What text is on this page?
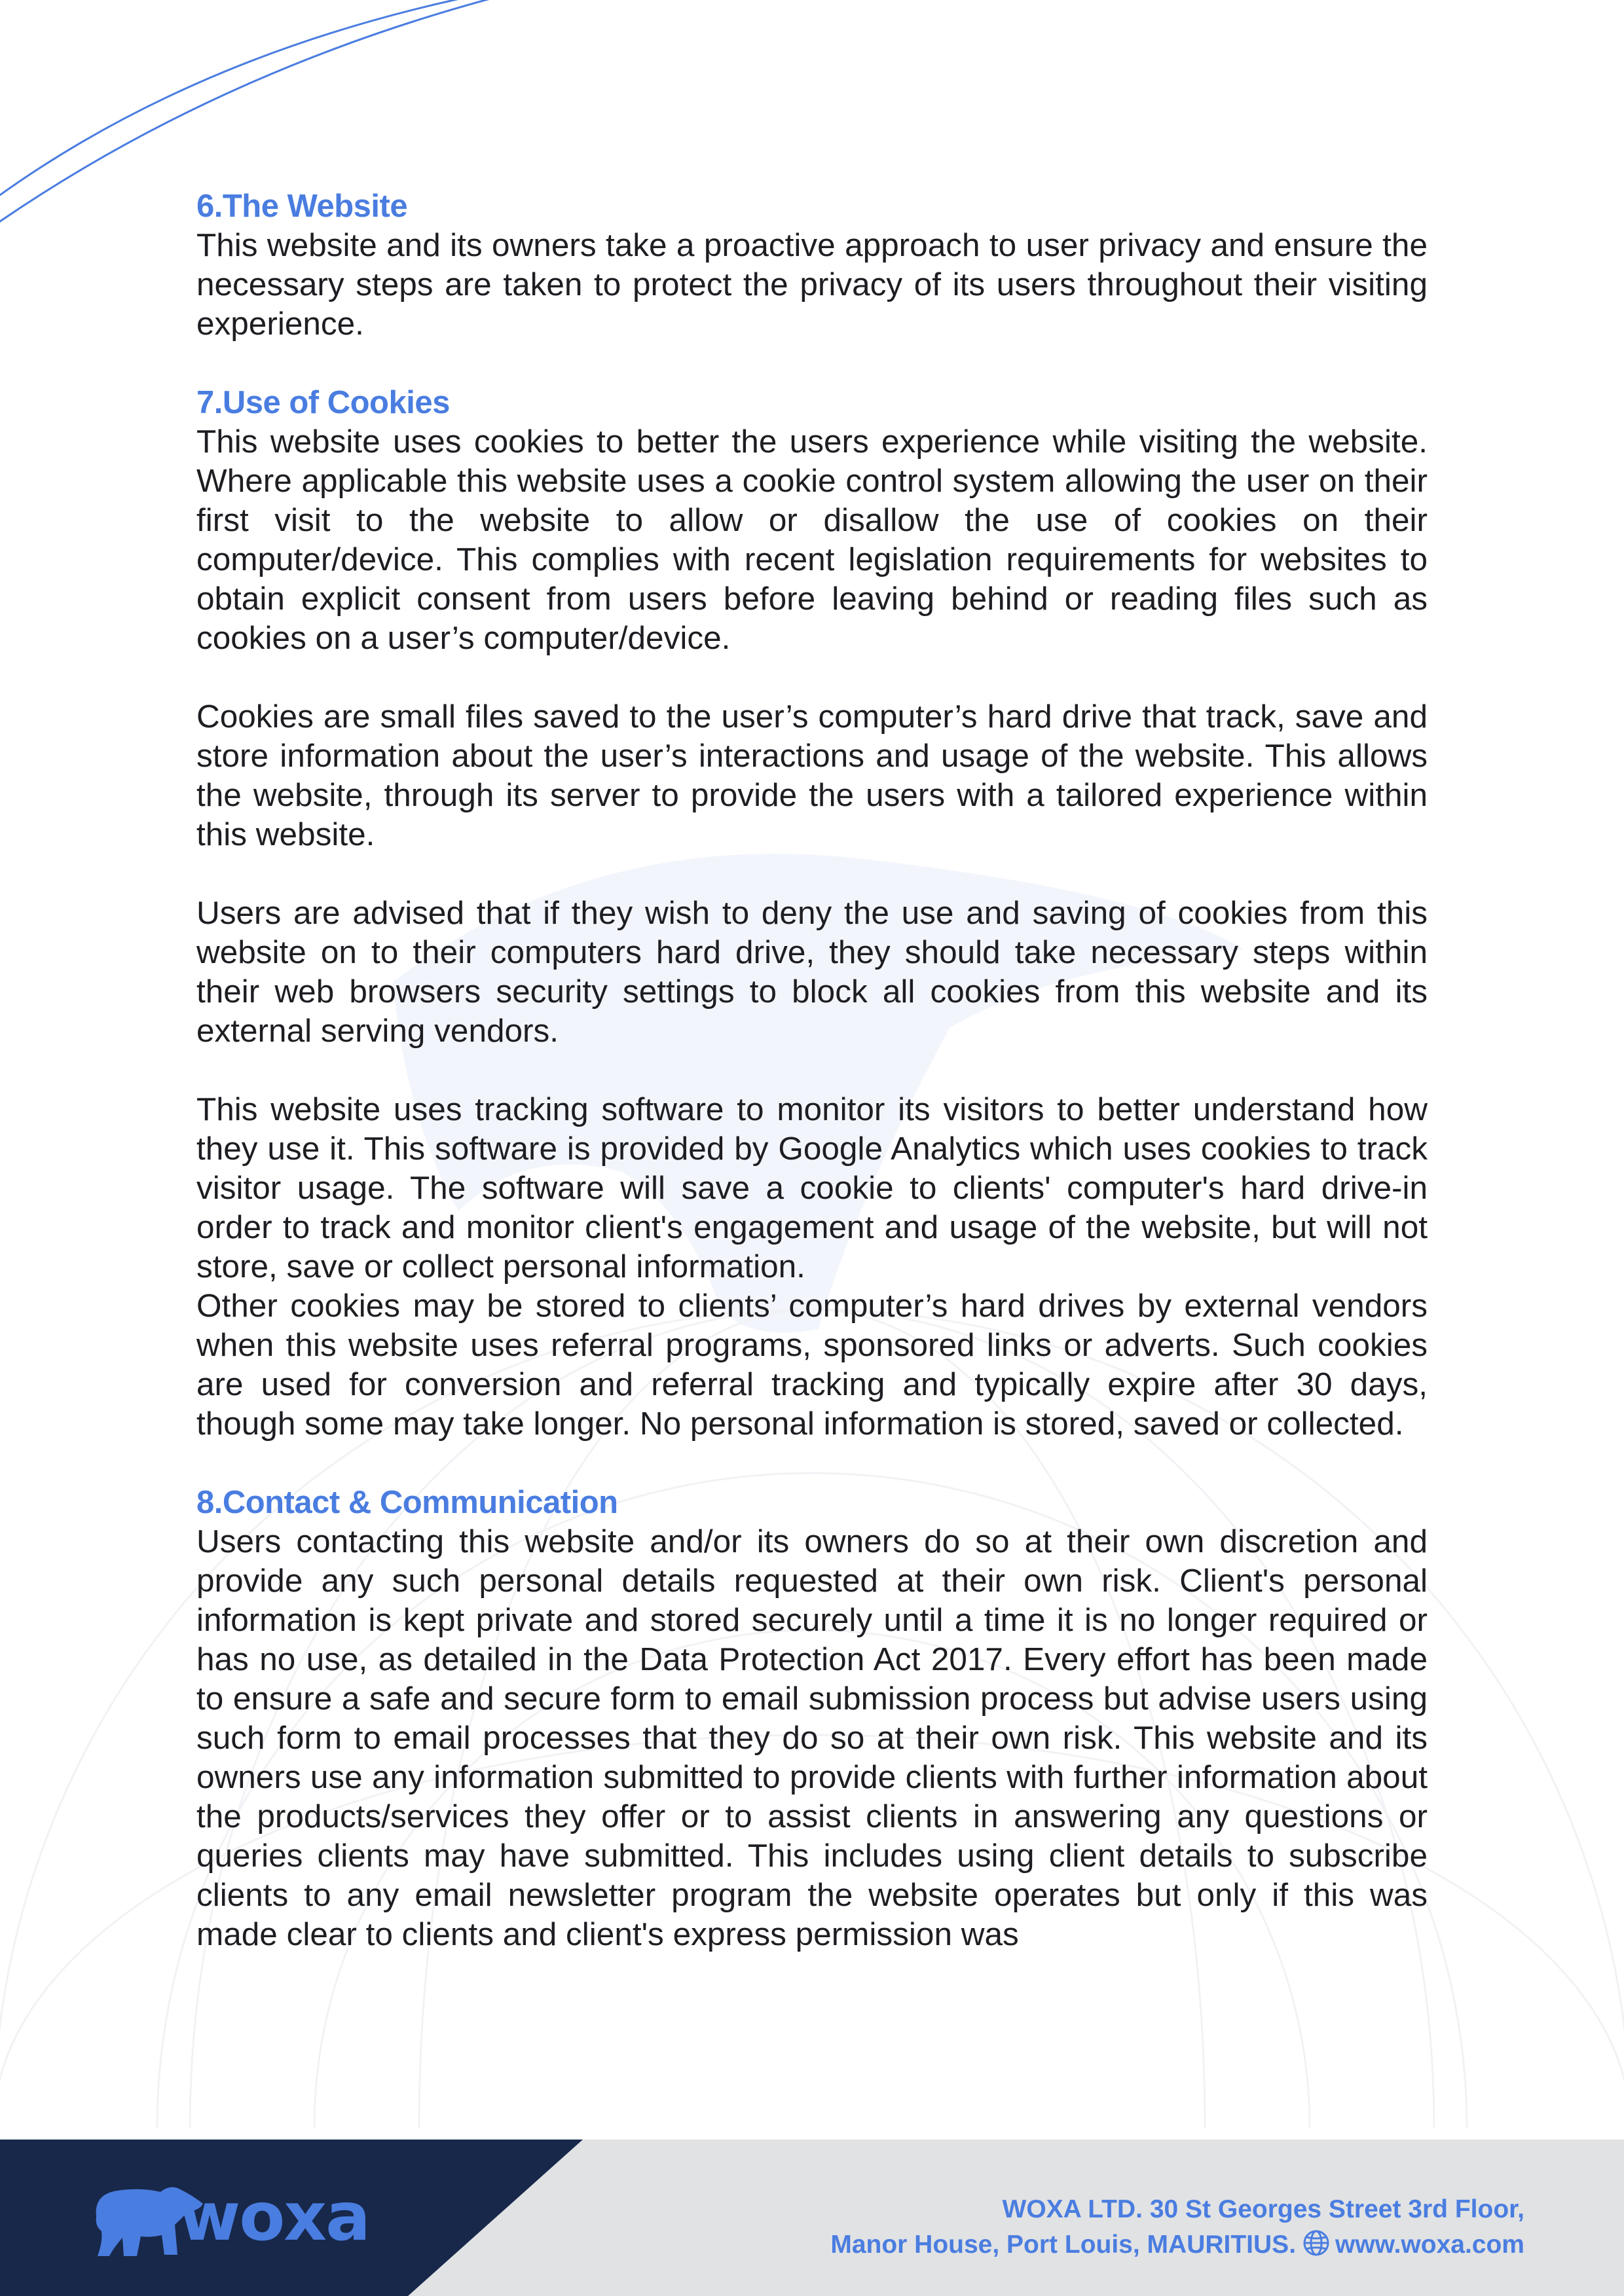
6.The Website

This website and its owners take a proactive approach to user privacy and ensure the necessary steps are taken to protect the privacy of its users throughout their visiting experience.

7.Use of Cookies

This website uses cookies to better the users experience while visiting the website. Where applicable this website uses a cookie control system allowing the user on their first visit to the website to allow or disallow the use of cookies on their computer/device. This complies with recent legislation requirements for websites to obtain explicit consent from users before leaving behind or reading files such as cookies on a user’s computer/device.

Cookies are small files saved to the user’s computer’s hard drive that track, save and store information about the user’s interactions and usage of the website. This allows the website, through its server to provide the users with a tailored experience within this website.

Users are advised that if they wish to deny the use and saving of cookies from this website on to their computers hard drive, they should take necessary steps within their web browsers security settings to block all cookies from this website and its external serving vendors.

This website uses tracking software to monitor its visitors to better understand how they use it. This software is provided by Google Analytics which uses cookies to track visitor usage. The software will save a cookie to clients' computer's hard drive-in order to track and monitor client's engagement and usage of the website, but will not store, save or collect personal information.

Other cookies may be stored to clients’ computer’s hard drives by external vendors when this website uses referral programs, sponsored links or adverts. Such cookies are used for conversion and referral tracking and typically expire after 30 days, though some may take longer. No personal information is stored, saved or collected.

8.Contact & Communication

Users contacting this website and/or its owners do so at their own discretion and provide any such personal details requested at their own risk. Client's personal information is kept private and stored securely until a time it is no longer required or has no use, as detailed in the Data Protection Act 2017. Every effort has been made to ensure a safe and secure form to email submission process but advise users using such form to email processes that they do so at their own risk. This website and its owners use any information submitted to provide clients with further information about the products/services they offer or to assist clients in answering any questions or queries clients may have submitted. This includes using client details to subscribe clients to any email newsletter program the website operates but only if this was made clear to clients and client's express permission was

woxa	WOXA LTD. 30 St Georges Street 3rd Floor,
Manor House, Port Louis, MAURITIUS. www.woxa.com
